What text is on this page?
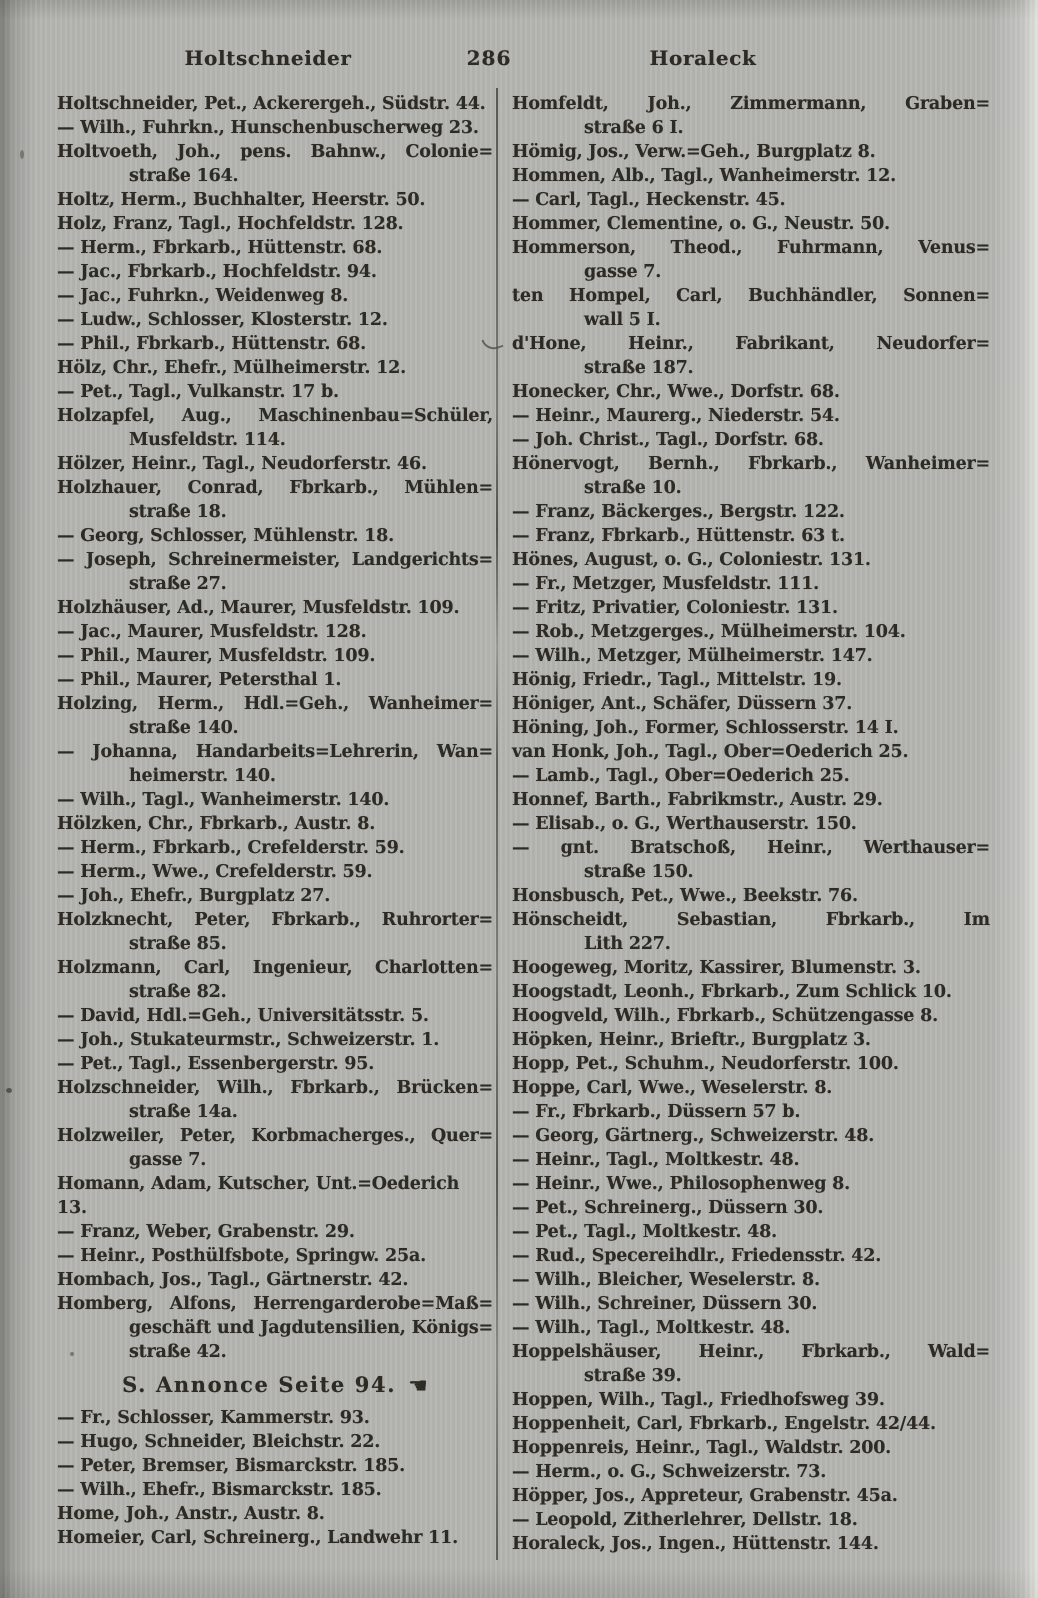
Holtschneider	286	Horaleck
Holtschneider, Pet., Ackerergeh., Südstr. 44.
— Wilh., Fuhrkn., Hunschenbuscherweg 23.
Holtvoeth, Joh., pens. Bahnw., Colonie=
straße 164.
Holtz, Herm., Buchhalter, Heerstr. 50.
Holz, Franz, Tagl., Hochfeldstr. 128.
— Herm., Fbrkarb., Hüttenstr. 68.
— Jac., Fbrkarb., Hochfeldstr. 94.
— Jac., Fuhrkn., Weidenweg 8.
— Ludw., Schlosser, Klosterstr. 12.
— Phil., Fbrkarb., Hüttenstr. 68.
Hölz, Chr., Ehefr., Mülheimerstr. 12.
— Pet., Tagl., Vulkanstr. 17 b.
Holzapfel, Aug., Maschinenbau=Schüler,
Musfeldstr. 114.
Hölzer, Heinr., Tagl., Neudorferstr. 46.
Holzhauer, Conrad, Fbrkarb., Mühlen=
straße 18.
— Georg, Schlosser, Mühlenstr. 18.
— Joseph, Schreinermeister, Landgerichts=
straße 27.
Holzhäuser, Ad., Maurer, Musfeldstr. 109.
— Jac., Maurer, Musfeldstr. 128.
— Phil., Maurer, Musfeldstr. 109.
— Phil., Maurer, Petersthal 1.
Holzing, Herm., Hdl.=Geh., Wanheimer=
straße 140.
— Johanna, Handarbeits=Lehrerin, Wan=
heimerstr. 140.
— Wilh., Tagl., Wanheimerstr. 140.
Hölzken, Chr., Fbrkarb., Austr. 8.
— Herm., Fbrkarb., Crefelderstr. 59.
— Herm., Wwe., Crefelderstr. 59.
— Joh., Ehefr., Burgplatz 27.
Holzknecht, Peter, Fbrkarb., Ruhrorter=
straße 85.
Holzmann, Carl, Ingenieur, Charlotten=
straße 82.
— David, Hdl.=Geh., Universitätsstr. 5.
— Joh., Stukateurmstr., Schweizerstr. 1.
— Pet., Tagl., Essenbergerstr. 95.
Holzschneider, Wilh., Fbrkarb., Brücken=
straße 14a.
Holzweiler, Peter, Korbmacherges., Quer=
gasse 7.
Homann, Adam, Kutscher, Unt.=Oederich 13.
— Franz, Weber, Grabenstr. 29.
— Heinr., Posthülfsbote, Springw. 25a.
Hombach, Jos., Tagl., Gärtnerstr. 42.
Homberg, Alfons, Herrengarderobe=Maß=
geschäft und Jagdutensilien, Königs=
straße 42.
S. Annonce Seite 94. ☚
— Fr., Schlosser, Kammerstr. 93.
— Hugo, Schneider, Bleichstr. 22.
— Peter, Bremser, Bismarckstr. 185.
— Wilh., Ehefr., Bismarckstr. 185.
Home, Joh., Anstr., Austr. 8.
Homeier, Carl, Schreinerg., Landwehr 11.
Homfeldt, Joh., Zimmermann, Graben=
straße 6 I.
Hömig, Jos., Verw.=Geh., Burgplatz 8.
Hommen, Alb., Tagl., Wanheimerstr. 12.
— Carl, Tagl., Heckenstr. 45.
Hommer, Clementine, o. G., Neustr. 50.
Hommerson, Theod., Fuhrmann, Venus=
gasse 7.
ten Hompel, Carl, Buchhändler, Sonnen=
wall 5 I.
d'Hone, Heinr., Fabrikant, Neudorfer=
straße 187.
Honecker, Chr., Wwe., Dorfstr. 68.
— Heinr., Maurerg., Niederstr. 54.
— Joh. Christ., Tagl., Dorfstr. 68.
Hönervogt, Bernh., Fbrkarb., Wanheimer=
straße 10.
— Franz, Bäckerges., Bergstr. 122.
— Franz, Fbrkarb., Hüttenstr. 63 t.
Hönes, August, o. G., Coloniestr. 131.
— Fr., Metzger, Musfeldstr. 111.
— Fritz, Privatier, Coloniestr. 131.
— Rob., Metzgerges., Mülheimerstr. 104.
— Wilh., Metzger, Mülheimerstr. 147.
Hönig, Friedr., Tagl., Mittelstr. 19.
Höniger, Ant., Schäfer, Düssern 37.
Höning, Joh., Former, Schlosserstr. 14 I.
van Honk, Joh., Tagl., Ober=Oederich 25.
— Lamb., Tagl., Ober=Oederich 25.
Honnef, Barth., Fabrikmstr., Austr. 29.
— Elisab., o. G., Werthauserstr. 150.
— gnt. Bratschoß, Heinr., Werthauser=
straße 150.
Honsbusch, Pet., Wwe., Beekstr. 76.
Hönscheidt, Sebastian, Fbrkarb., Im
Lith 227.
Hoogeweg, Moritz, Kassirer, Blumenstr. 3.
Hoogstadt, Leonh., Fbrkarb., Zum Schlick 10.
Hoogveld, Wilh., Fbrkarb., Schützengasse 8.
Höpken, Heinr., Brieftr., Burgplatz 3.
Hopp, Pet., Schuhm., Neudorferstr. 100.
Hoppe, Carl, Wwe., Weselerstr. 8.
— Fr., Fbrkarb., Düssern 57 b.
— Georg, Gärtnerg., Schweizerstr. 48.
— Heinr., Tagl., Moltkestr. 48.
— Heinr., Wwe., Philosophenweg 8.
— Pet., Schreinerg., Düssern 30.
— Pet., Tagl., Moltkestr. 48.
— Rud., Specereihdlr., Friedensstr. 42.
— Wilh., Bleicher, Weselerstr. 8.
— Wilh., Schreiner, Düssern 30.
— Wilh., Tagl., Moltkestr. 48.
Hoppelshäuser, Heinr., Fbrkarb., Wald=
straße 39.
Hoppen, Wilh., Tagl., Friedhofsweg 39.
Hoppenheit, Carl, Fbrkarb., Engelstr. 42/44.
Hoppenreis, Heinr., Tagl., Waldstr. 200.
— Herm., o. G., Schweizerstr. 73.
Höpper, Jos., Appreteur, Grabenstr. 45a.
— Leopold, Zitherlehrer, Dellstr. 18.
Horaleck, Jos., Ingen., Hüttenstr. 144.
